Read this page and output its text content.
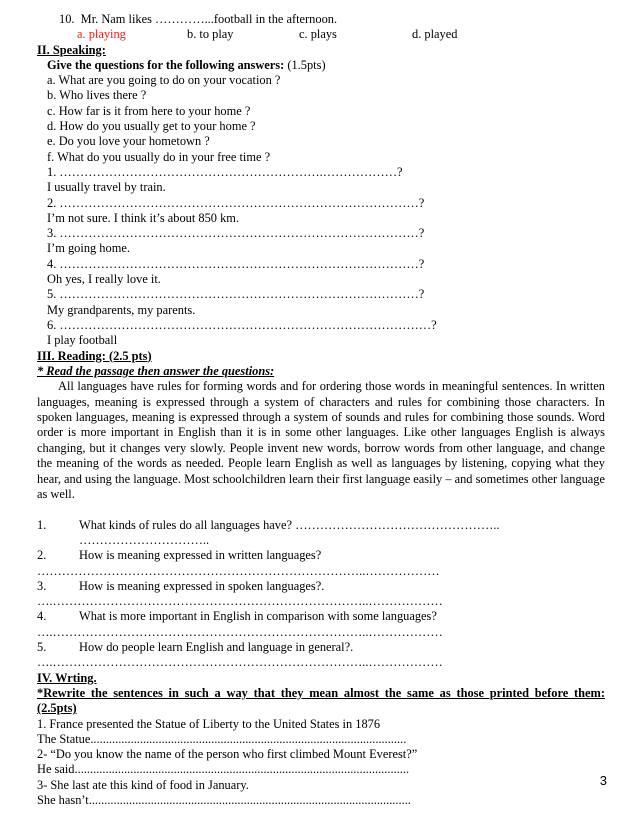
10.  Mr. Nam likes …………...football in the afternoon.
a. playing	b. to play	c. plays	d. played
II. Speaking:
Give the questions for the following answers: (1.5pts)
a. What are you going to do on your vocation ?
b. Who lives there ?
c. How far is it from here to your home ?
d. How do you usually get to your home ?
e. Do you love your hometown ?
f. What do you usually do in your free time ?
1. ……………………………………………………….………………?
I usually travel by train.
2. ……………………………………………………………………………?
I’m not sure. I think it’s about 850 km.
3. ……………………………………………………………………………?
I’m going home.
4. ……………………………………………………………………………?
Oh yes, I really love it.
5. ……………………………………………………………………………?
My grandparents, my parents.
6. ………………………………………………………………………………?
I play football
III. Reading: (2.5 pts)
* Read the passage then answer the questions:

All languages have rules for forming words and for ordering those words in meaningful sentences. In written languages, meaning is expressed through a system of characters and rules for combining those characters. In spoken languages, meaning is expressed through a system of sounds and rules for combining those sounds. Word order is more important in English than it is in some other languages. Like other languages English is always changing, but it changes very slowly. People invent new words, borrow words from other language, and change the meaning of the words as needed. People learn English as well as languages by listening, copying what they hear, and using the language. Most schoolchildren learn their first language easily – and sometimes other language as well.

1.	What kinds of rules do all languages have? …………………………………………..
…………………………..
2.	How is meaning expressed in written languages?
……………………………………………………………………..………………
3.	How is meaning expressed in spoken languages?.
….…………………………………………………………………..………………
4.	What is more important in English in comparison with some languages?
….…………………………………………………………………..………………
5.	How do people learn English and language in general?.
….…………………………………………………………………..………………
IV. Wrting.
*Rewrite the sentences in such a way that they mean almost the same as those printed before them:
(2.5pts)
1. France presented the Statue of Liberty to the United States in 1876
The Statue......................................................................................................
2- “Do you know the name of the person who first climbed Mount Everest?”
He said............................................................................................................
3- She last ate this kind of food in January.
She hasn’t........................................................................................................
3
